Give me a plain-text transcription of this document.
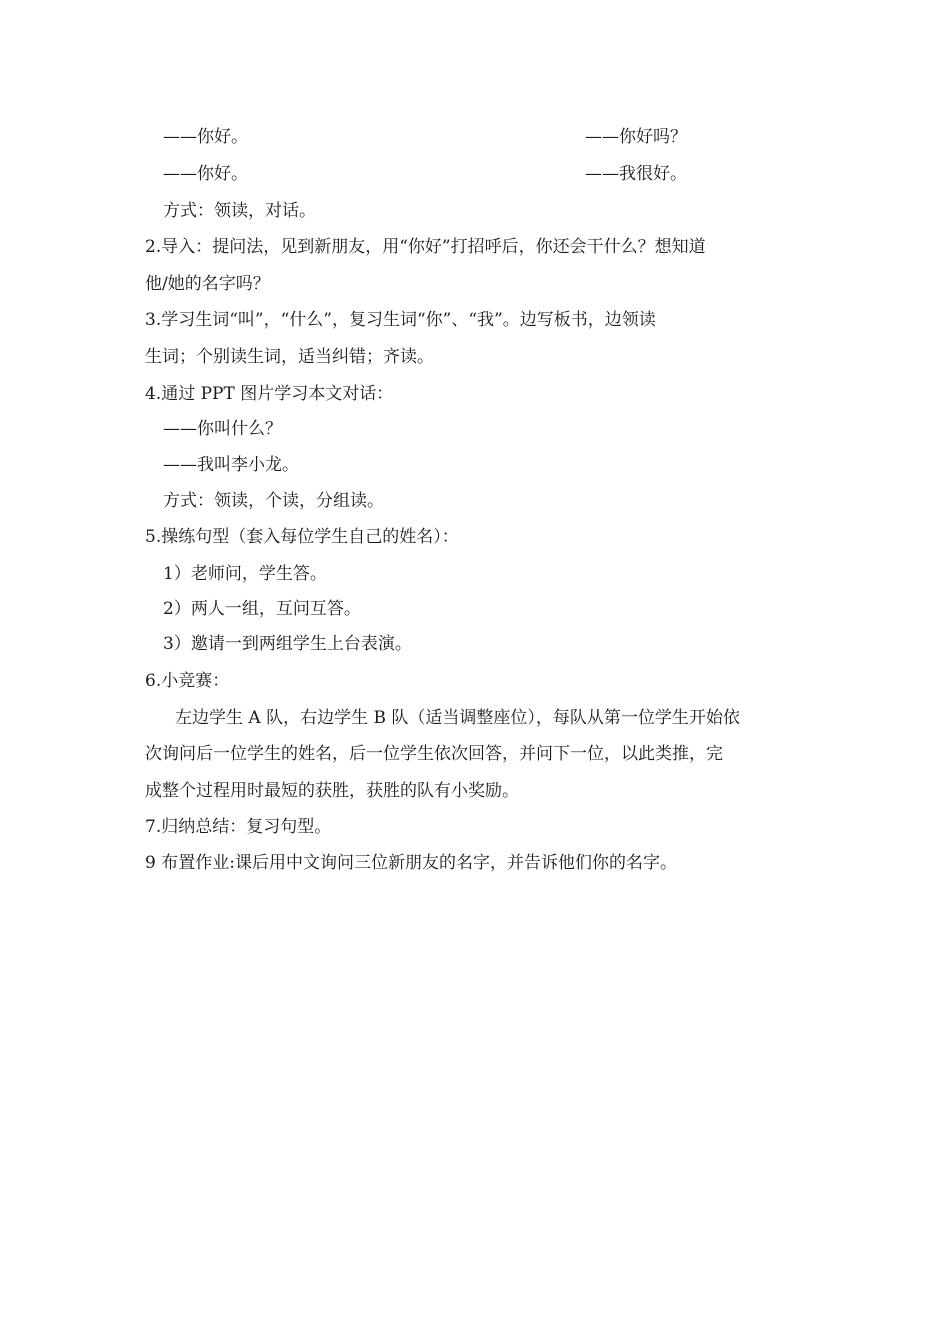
——你好。	——你好吗？
——你好。	——我很好。
方式：领读，对话。
2.导入：提问法，见到新朋友，用“你好”打招呼后，你还会干什么？想知道
他/她的名字吗？
3.学习生词“叫”，“什么”，复习生词“你”、“我”。边写板书，边领读
生词；个别读生词，适当纠错；齐读。
4.通过 PPT 图片学习本文对话：
——你叫什么？
——我叫李小龙。
方式：领读，个读，分组读。
5.操练句型（套入每位学生自己的姓名）：
1）老师问，学生答。
2）两人一组，互问互答。
3）邀请一到两组学生上台表演。
6.小竞赛：
左边学生 A 队，右边学生 B 队（适当调整座位），每队从第一位学生开始依
次询问后一位学生的姓名，后一位学生依次回答，并问下一位，以此类推，完
成整个过程用时最短的获胜，获胜的队有小奖励。
7.归纳总结：复习句型。
9 布置作业:课后用中文询问三位新朋友的名字，并告诉他们你的名字。
